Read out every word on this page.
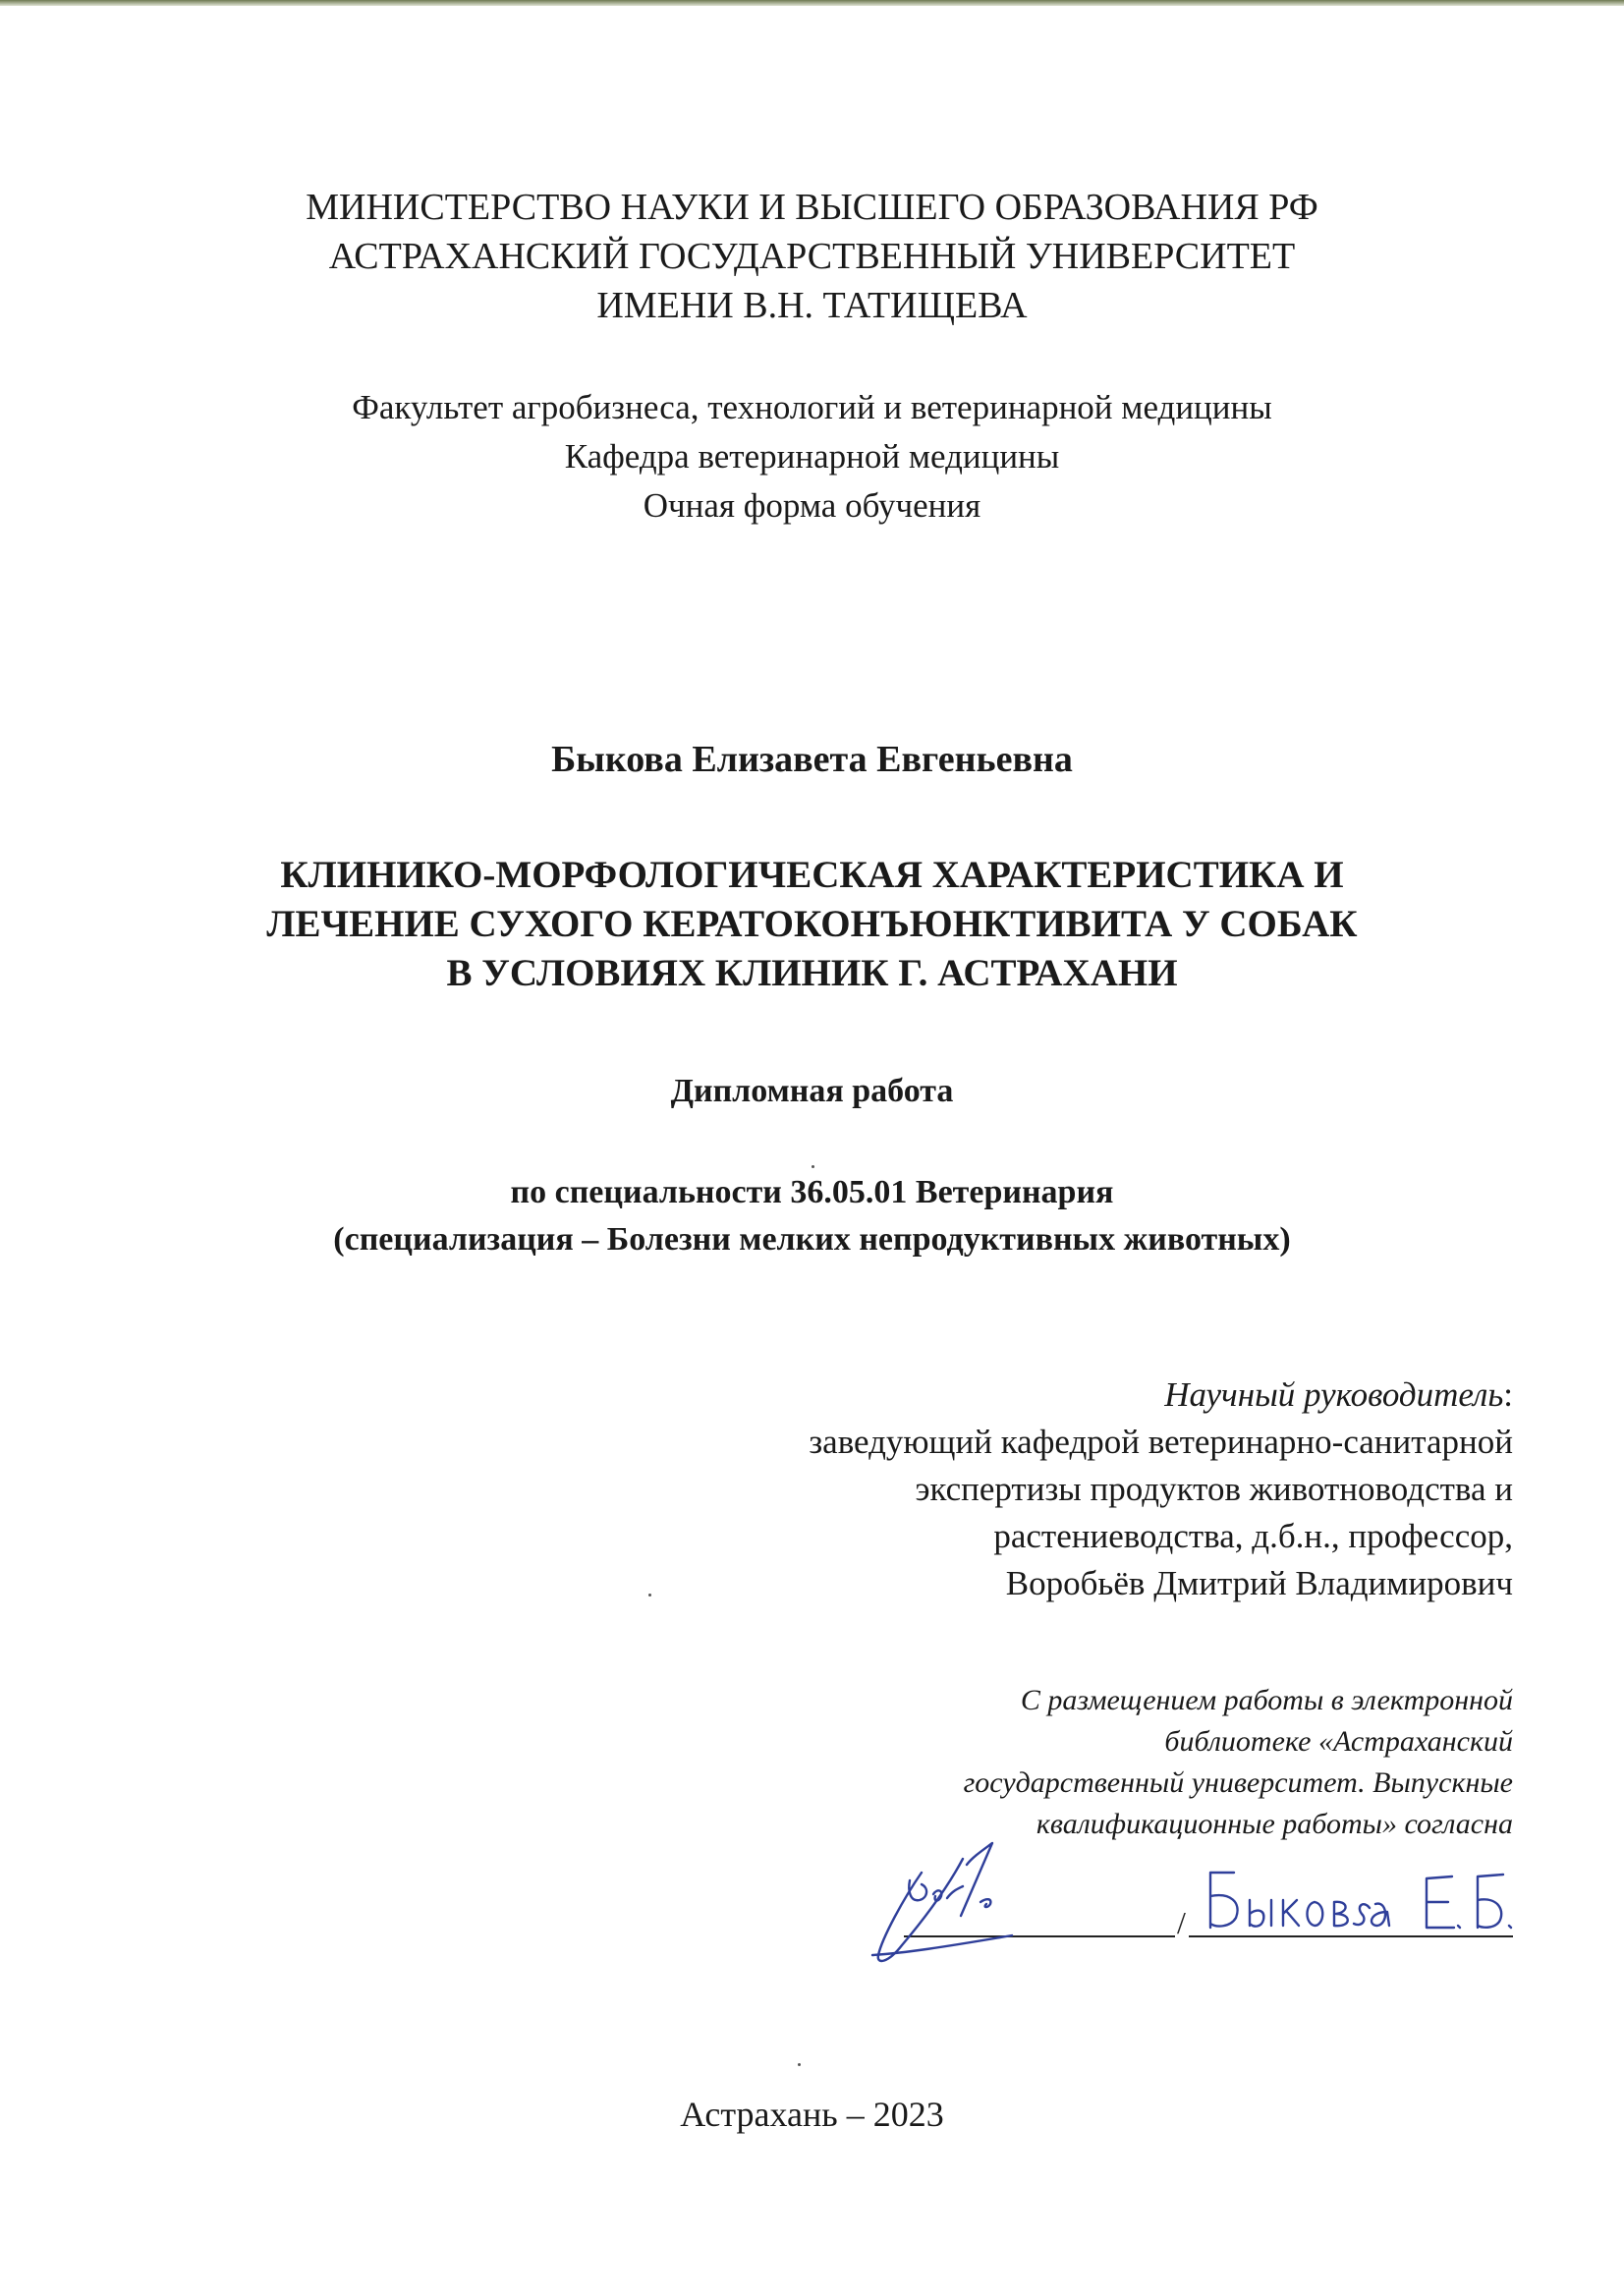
МИНИСТЕРСТВО НАУКИ И ВЫСШЕГО ОБРАЗОВАНИЯ РФ
АСТРАХАНСКИЙ ГОСУДАРСТВЕННЫЙ УНИВЕРСИТЕТ
ИМЕНИ В.Н. ТАТИЩЕВА
Факультет агробизнеса, технологий и ветеринарной медицины
Кафедра ветеринарной медицины
Очная форма обучения
Быкова Елизавета Евгеньевна
КЛИНИКО-МОРФОЛОГИЧЕСКАЯ ХАРАКТЕРИСТИКА И
ЛЕЧЕНИЕ СУХОГО КЕРАТОКОНЪЮНКТИВИТА У СОБАК
В УСЛОВИЯХ КЛИНИК Г. АСТРАХАНИ
Дипломная работа
по специальности 36.05.01 Ветеринария
(специализация – Болезни мелких непродуктивных животных)
Научный руководитель:
заведующий кафедрой ветеринарно-санитарной
экспертизы продуктов животноводства и
растениеводства, д.б.н., профессор,
Воробьёв Дмитрий Владимирович
С размещением работы в электронной
библиотеке «Астраханский
государственный университет. Выпускные
квалификационные работы» согласна
/
Астрахань – 2023
